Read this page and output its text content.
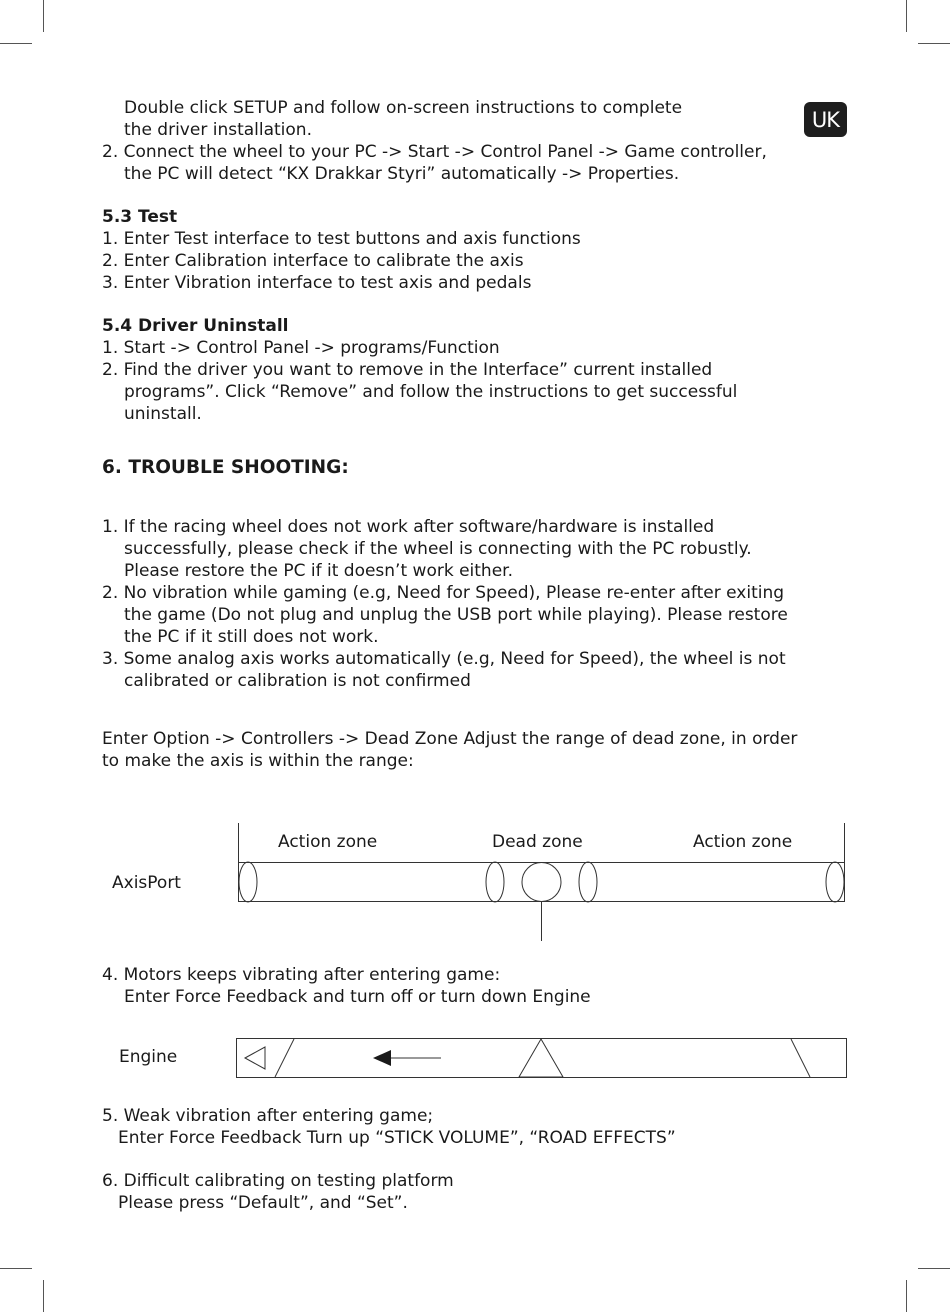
UK
Double click SETUP and follow on-screen instructions to complete
the driver installation.
2. Connect the wheel to your PC -> Start -> Control Panel -> Game controller,
the PC will detect “KX Drakkar Styri” automatically -> Properties.
5.3 Test
1. Enter Test interface to test buttons and axis functions
2. Enter Calibration interface to calibrate the axis
3. Enter Vibration interface to test axis and pedals
5.4 Driver Uninstall
1. Start -> Control Panel -> programs/Function
2. Find the driver you want to remove in the Interface” current installed
programs”. Click “Remove” and follow the instructions to get successful
uninstall.
6. TROUBLE SHOOTING:
1. If the racing wheel does not work after software/hardware is installed
successfully, please check if the wheel is connecting with the PC robustly.
Please restore the PC if it doesn’t work either.
2. No vibration while gaming (e.g, Need for Speed), Please re-enter after exiting
the game (Do not plug and unplug the USB port while playing). Please restore
the PC if it still does not work.
3. Some analog axis works automatically (e.g, Need for Speed), the wheel is not
calibrated or calibration is not confirmed
Enter Option -> Controllers -> Dead Zone Adjust the range of dead zone, in order
to make the axis is within the range:
AxisPort
Action zone	Dead zone	Action zone
4. Motors keeps vibrating after entering game:
Enter Force Feedback and turn off or turn down Engine
Engine
5. Weak vibration after entering game;
Enter Force Feedback Turn up “STICK VOLUME”, “ROAD EFFECTS”
6. Difficult calibrating on testing platform
Please press “Default”, and “Set”.
